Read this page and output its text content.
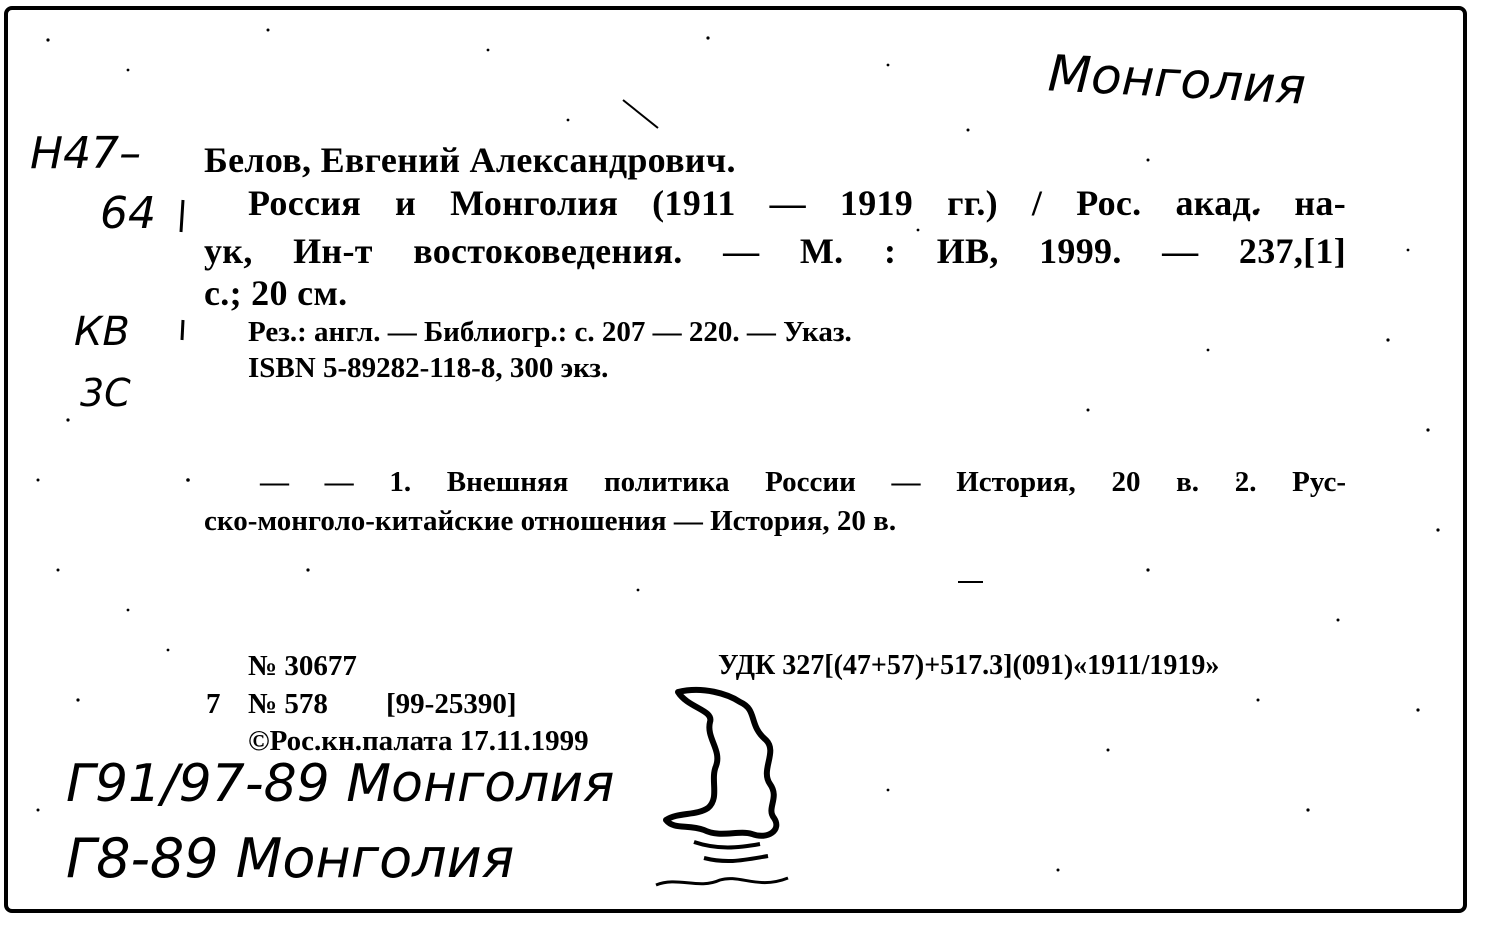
Монголия
Н47–
64
КВ
3С
Г91/97-89 Монголия
Г8-89 Монголия
Белов, Евгений Александрович.
Россия и Монголия (1911 — 1919 гг.) / Рос. акад. на-
ук, Ин-т востоковедения. — М. : ИВ, 1999. — 237,[1]
с.; 20 см.
Рез.: англ. — Библиогр.: с. 207 — 220. — Указ.
ISBN 5-89282-118-8, 300 экз.
— — 1. Внешняя политика России — История, 20 в. 2. Рус-
ско-монголо-китайские отношения — История, 20 в.
№ 30677	УДК 327[(47+57)+517.3](091)«1911/1919»
7 № 578 [99-25390]
©Рос.кн.палата 17.11.1999
